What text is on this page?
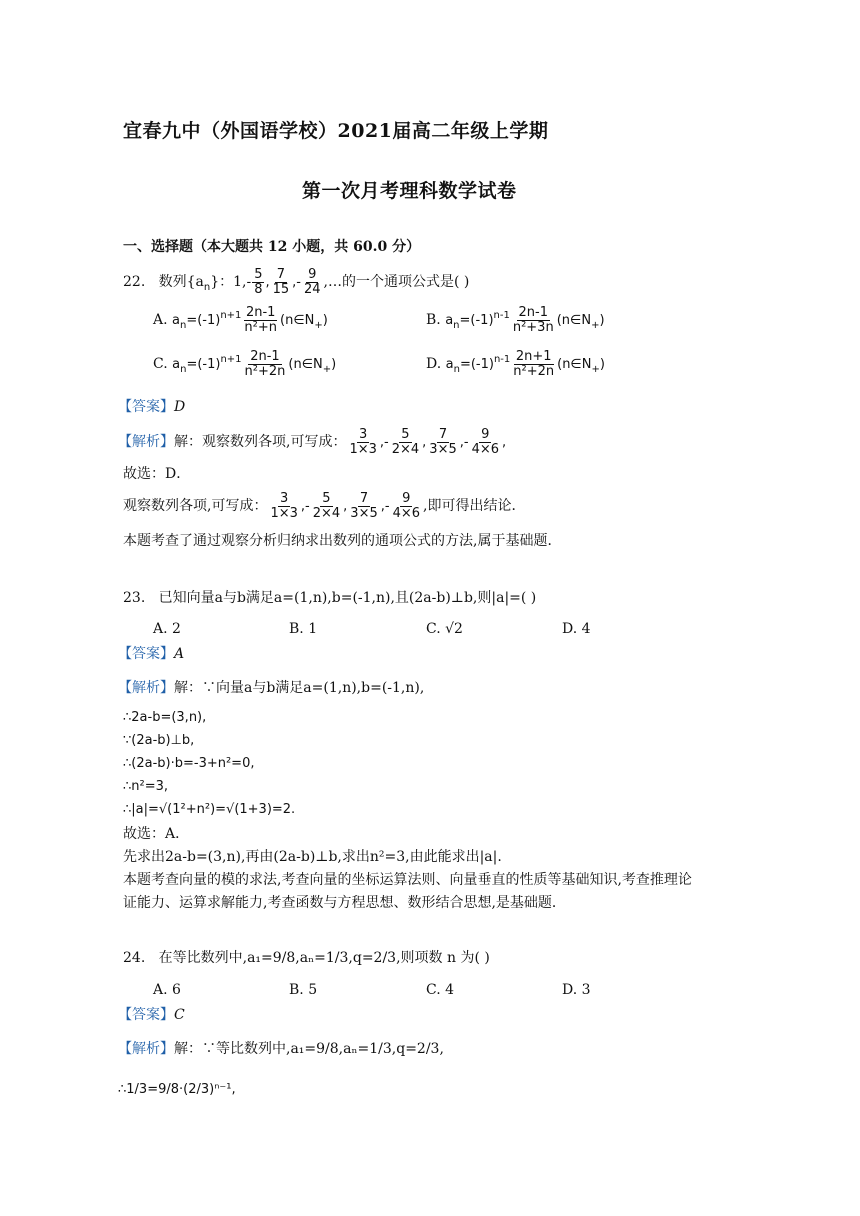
宜春九中（外国语学校）2021届高二年级上学期
第一次月考理科数学试卷
一、选择题（本大题共 12 小题，共 60.0 分）
22. 数列$\{a_n\}$：$1,- \frac{5}{8}$ , $\frac{7}{15}$ ,- $\frac{9}{24}$ ,…的一个通项公式是( )
A. $a_n=(-1)^{n+1} \frac{2n-1}{\text{n²+n}}$ $(n\in N_+)$	B. $a_n=(-1)^{n-1} \frac{2n-1}{\text{n²+3n}}$ $(n\in N_+)$
C. $a_n=(-1)^{n+1} \frac{2n-1}{\text{n²+2n}}$ $(n\in N_+)$	D. $a_n=(-1)^{n-1} \frac{2n+1}{\text{n²+2n}}$ $(n\in N_+)$
【答案】D
【解析】解：观察数列各项,可写成： $\frac{3}{1\times 3}$ ,- $\frac{5}{2\times 4}$ , $\frac{7}{3\times 5}$ ,- $\frac{9}{4\times 6}$ ,
故选：D．
观察数列各项,可写成： $\frac{3}{1\times 3}$ ,- $\frac{5}{2\times 4}$ , $\frac{7}{3\times 5}$ ,- $\frac{9}{4\times 6}$ ,即可得出结论．
本题考查了通过观察分析归纳求出数列的通项公式的方法,属于基础题．
23. 已知向量a与b满足a=(1,n),b=(-1,n),且(2a-b)⊥b,则|a|=( )
A. 2	B. 1	C. √2	D. 4
【答案】A
【解析】解：∵向量a与b满足a=(1,n),b=(-1,n),
∴2a-b=(3,n),
∵(2a-b)⊥b,
∴(2a-b)·b=-3+n²=0,
∴n²=3,
∴|a|=√(1²+n²)=√(1+3)=2.
故选：A．
先求出2a-b=(3,n),再由(2a-b)⊥b,求出n²=3,由此能求出|a|.
本题考查向量的模的求法,考查向量的坐标运算法则、向量垂直的性质等基础知识,考查推理论
证能力、运算求解能力,考查函数与方程思想、数形结合思想,是基础题．
24. 在等比数列中,a₁=9/8,aₙ=1/3,q=2/3,则项数 n 为( )
A. 6	B. 5	C. 4	D. 3
【答案】C
【解析】解：∵等比数列中,a₁=9/8,aₙ=1/3,q=2/3,
∴1/3=9/8·(2/3)ⁿ⁻¹,
